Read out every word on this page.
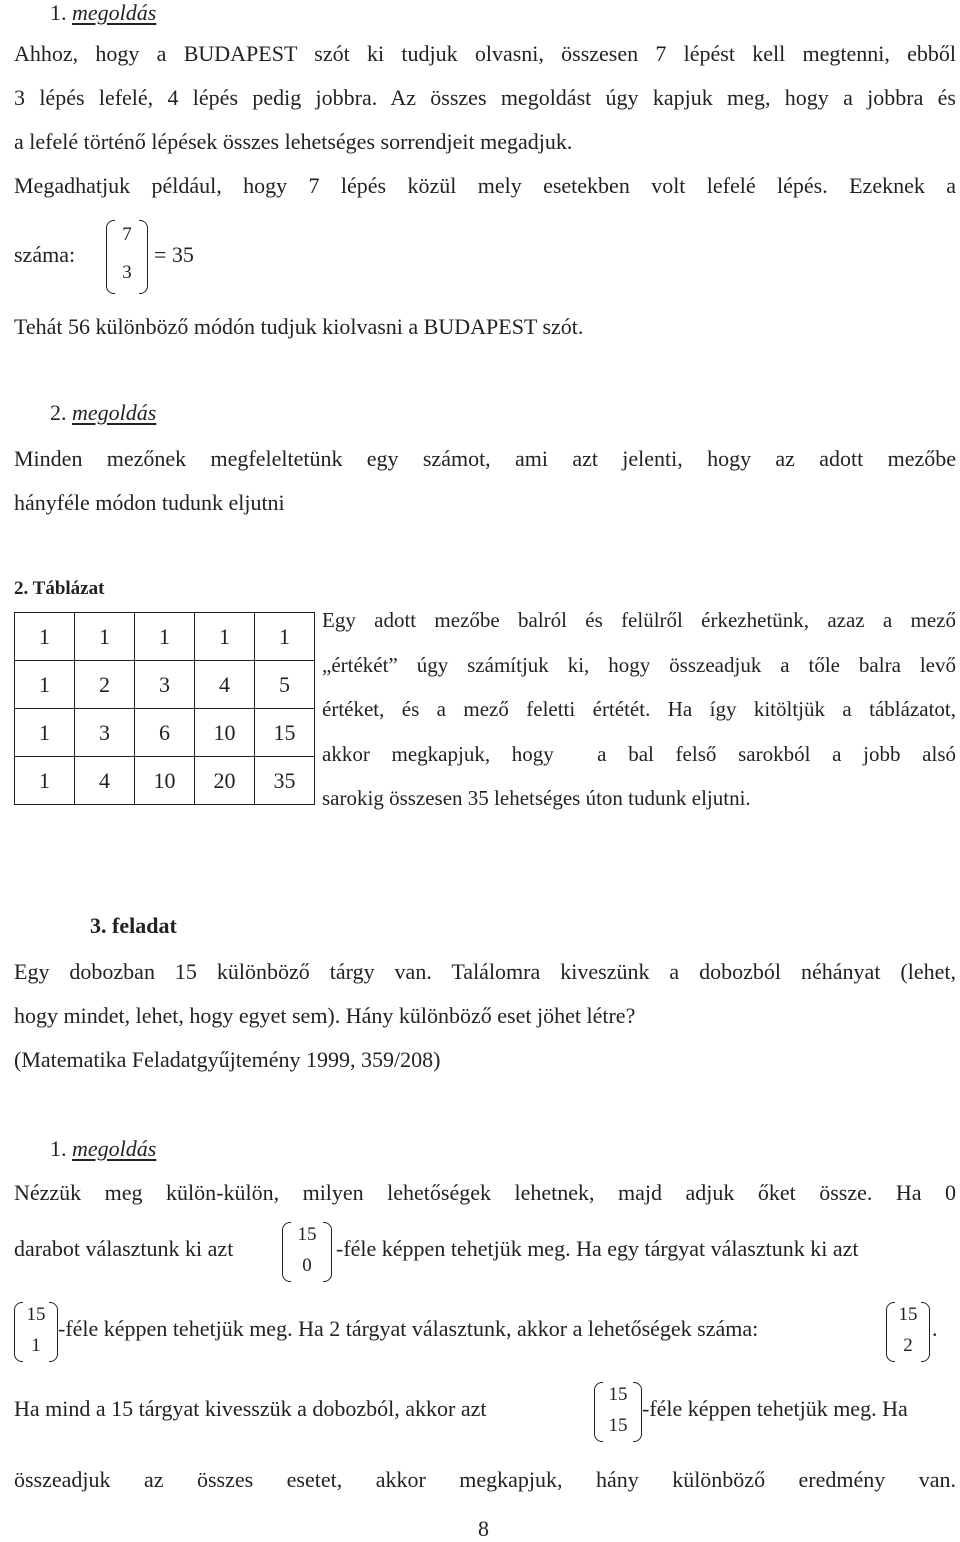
1. megoldás
Ahhoz, hogy a BUDAPEST szót ki tudjuk olvasni, összesen 7 lépést kell megtenni, ebből
3 lépés lefelé, 4 lépés pedig jobbra. Az összes megoldást úgy kapjuk meg, hogy a jobbra és
a lefelé történő lépések összes lehetséges sorrendjeit megadjuk.
Megadhatjuk például, hogy 7 lépés közül mely esetekben volt lefelé lépés. Ezeknek a
száma:
7
3
= 35
Tehát 56 különböző módón tudjuk kiolvasni a BUDAPEST szót.
2. megoldás
Minden mezőnek megfeleltetünk egy számot, ami azt jelenti, hogy az adott mezőbe
hányféle módon tudunk eljutni
2. Táblázat
1	1	1	1	1
1	2	3	4	5
1	3	6	10	15
1	4	10	20	35
Egy adott mezőbe balról és felülről érkezhetünk, azaz a mező
„értékét” úgy számítjuk ki, hogy összeadjuk a tőle balra levő
értéket, és a mező feletti értétét. Ha így kitöltjük a táblázatot,
akkor megkapjuk, hogy  a bal felső sarokból a jobb alsó
sarokig összesen 35 lehetséges úton tudunk eljutni.
3. feladat
Egy dobozban 15 különböző tárgy van. Találomra kiveszünk a dobozból néhányat (lehet,
hogy mindet, lehet, hogy egyet sem). Hány különböző eset jöhet létre?
(Matematika Feladatgyűjtemény 1999, 359/208)
1. megoldás
Nézzük meg külön-külön, milyen lehetőségek lehetnek, majd adjuk őket össze. Ha 0
darabot választunk ki azt
15
0
-féle képpen tehetjük meg. Ha egy tárgyat választunk ki azt
15
1
-féle képpen tehetjük meg. Ha 2 tárgyat választunk, akkor a lehetőségek száma:
15
2
.
Ha mind a 15 tárgyat kivesszük a dobozból, akkor azt
15
15
-féle képpen tehetjük meg. Ha
összeadjuk az összes esetet, akkor megkapjuk, hány különböző eredmény van.
8
